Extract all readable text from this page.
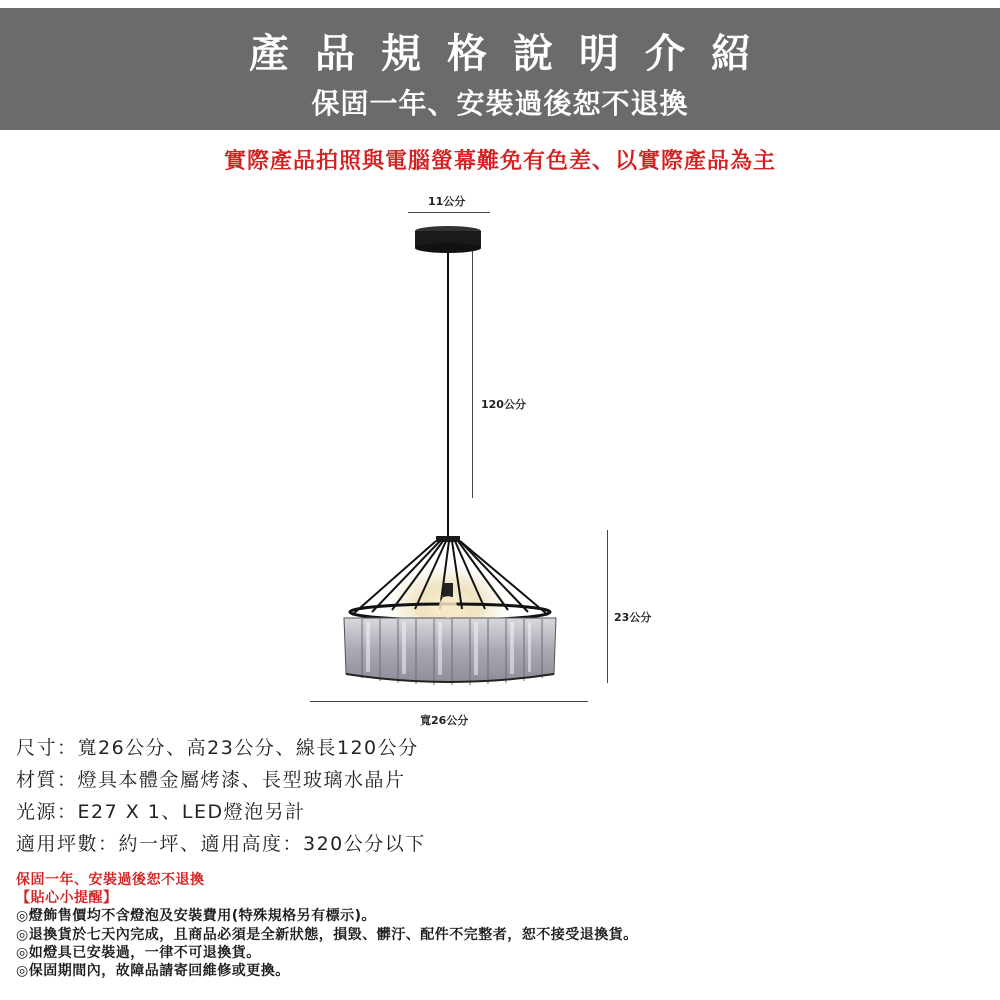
產品規格說明介紹
保固一年、安裝過後恕不退換
實際產品拍照與電腦螢幕難免有色差、以實際產品為主
11公分
120公分
23公分
寬26公分
尺寸：寬26公分、高23公分、線長120公分
材質：燈具本體金屬烤漆、長型玻璃水晶片
光源：E27 X 1、LED燈泡另計
適用坪數：約一坪、適用高度：320公分以下
保固一年、安裝過後恕不退換
【貼心小提醒】
◎燈飾售價均不含燈泡及安裝費用(特殊規格另有標示)。
◎退換貨於七天內完成，且商品必須是全新狀態，損毀、髒汙、配件不完整者，恕不接受退換貨。
◎如燈具已安裝過，一律不可退換貨。
◎保固期間內，故障品請寄回維修或更換。
